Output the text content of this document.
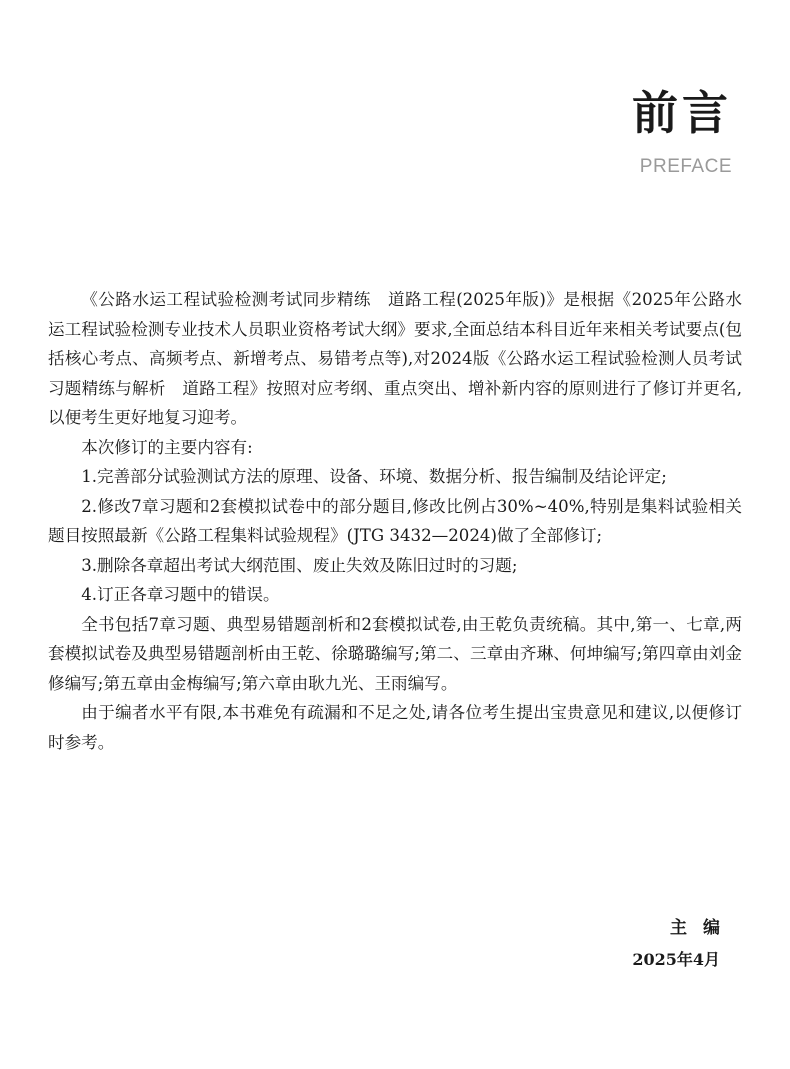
前言
PREFACE

《公路水运工程试验检测考试同步精练　道路工程(2025年版)》是根据《2025年公路水运工程试验检测专业技术人员职业资格考试大纲》要求,全面总结本科目近年来相关考试要点(包括核心考点、高频考点、新增考点、易错考点等),对2024版《公路水运工程试验检测人员考试习题精练与解析　道路工程》按照对应考纲、重点突出、增补新内容的原则进行了修订并更名,以便考生更好地复习迎考。

本次修订的主要内容有:

1.完善部分试验测试方法的原理、设备、环境、数据分析、报告编制及结论评定;

2.修改7章习题和2套模拟试卷中的部分题目,修改比例占30%~40%,特别是集料试验相关题目按照最新《公路工程集料试验规程》(JTG 3432—2024)做了全部修订;

3.删除各章超出考试大纲范围、废止失效及陈旧过时的习题;

4.订正各章习题中的错误。

全书包括7章习题、典型易错题剖析和2套模拟试卷,由王乾负责统稿。其中,第一、七章,两套模拟试卷及典型易错题剖析由王乾、徐璐璐编写;第二、三章由齐琳、何坤编写;第四章由刘金修编写;第五章由金梅编写;第六章由耿九光、王雨编写。

由于编者水平有限,本书难免有疏漏和不足之处,请各位考生提出宝贵意见和建议,以便修订时参考。

主编
2025年4月
